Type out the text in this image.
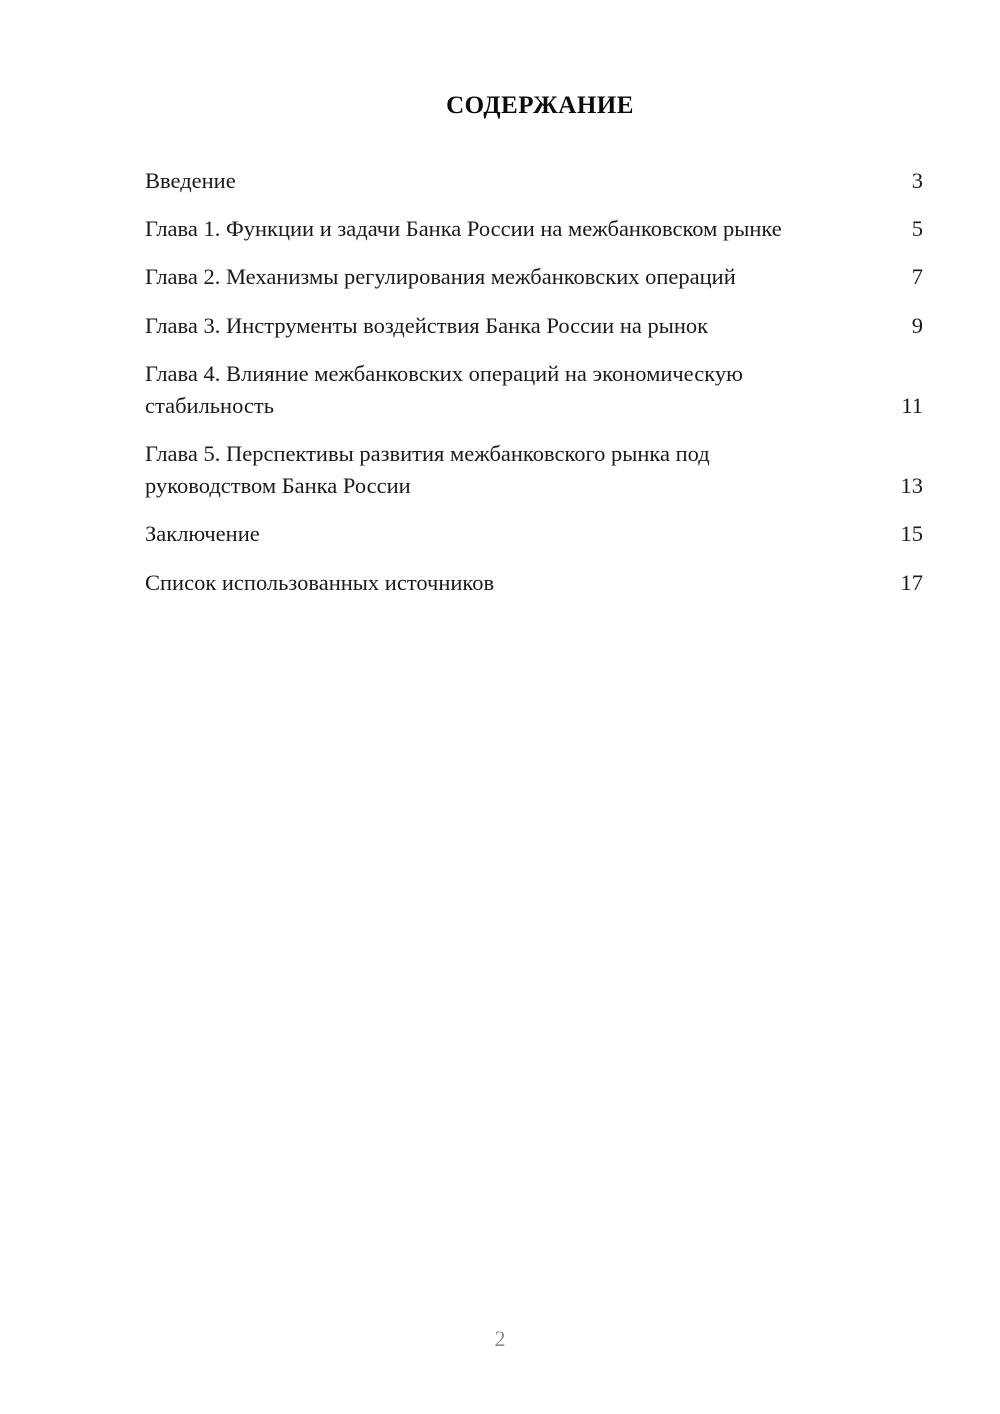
СОДЕРЖАНИЕ
Введение	3
Глава 1. Функции и задачи Банка России на межбанковском рынке	5
Глава 2. Механизмы регулирования межбанковских операций	7
Глава 3. Инструменты воздействия Банка России на рынок	9
Глава 4. Влияние межбанковских операций на экономическую стабильность	11
Глава 5. Перспективы развития межбанковского рынка под руководством Банка России	13
Заключение	15
Список использованных источников	17
2
